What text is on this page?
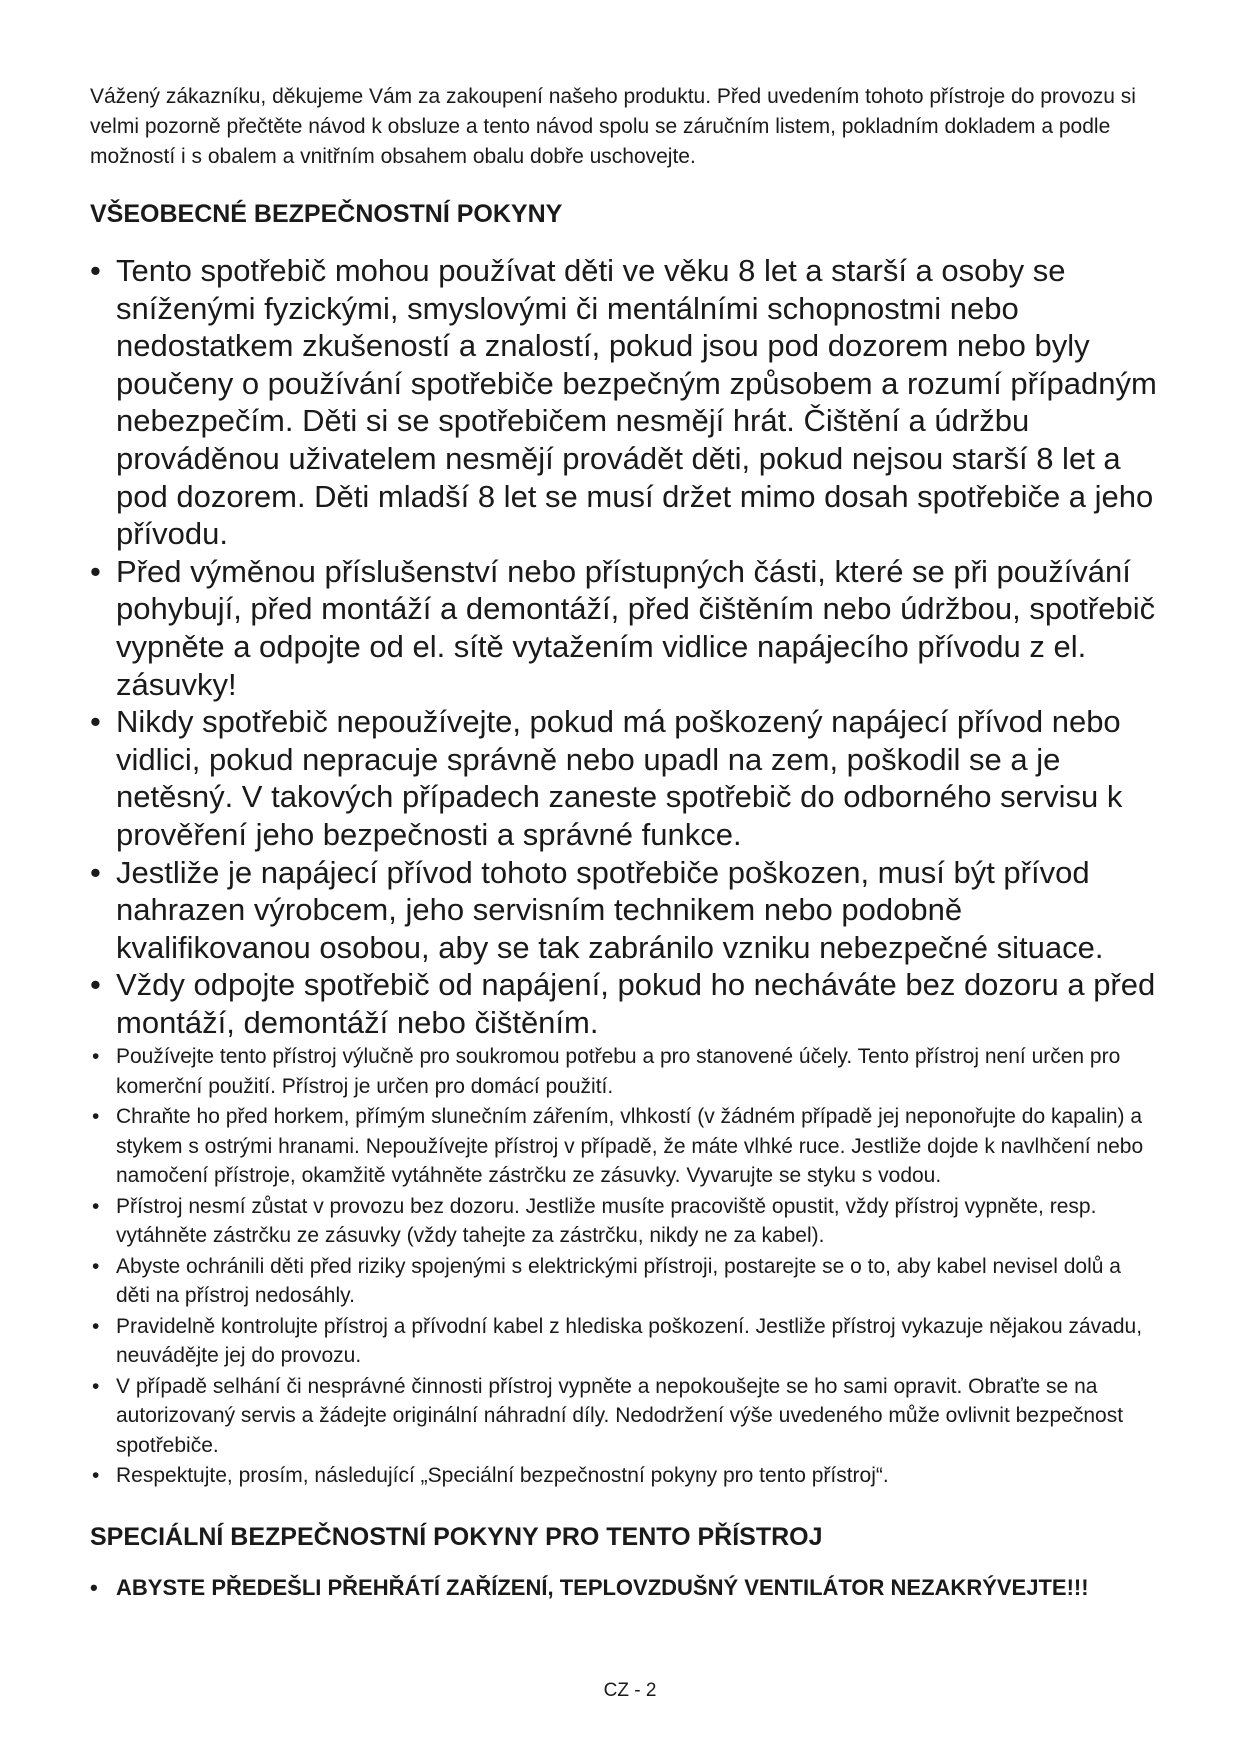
Vážený zákazníku, děkujeme Vám za zakoupení našeho produktu. Před uvedením tohoto přístroje do provozu si velmi pozorně přečtěte návod k obsluze a tento návod spolu se záručním listem, pokladním dokladem a podle možností i s obalem a vnitřním obsahem obalu dobře uschovejte.

VŠEOBECNÉ BEZPEČNOSTNÍ POKYNY
• Tento spotřebič mohou používat děti ve věku 8 let a starší a osoby se sníženými fyzickými, smyslovými či mentálními schopnostmi nebo nedostatkem zkušeností a znalostí, pokud jsou pod dozorem nebo byly poučeny o používání spotřebiče bezpečným způsobem a rozumí případným nebezpečím. Děti si se spotřebičem nesmějí hrát. Čištění a údržbu prováděnou uživatelem nesmějí provádět děti, pokud nejsou starší 8 let a pod dozorem. Děti mladší 8 let se musí držet mimo dosah spotřebiče a jeho přívodu.
• Před výměnou příslušenství nebo přístupných části, které se při používání pohybují, před montáží a demontáží, před čištěním nebo údržbou, spotřebič vypněte a odpojte od el. sítě vytažením vidlice napájecího přívodu z el. zásuvky!
• Nikdy spotřebič nepoužívejte, pokud má poškozený napájecí přívod nebo vidlici, pokud nepracuje správně nebo upadl na zem, poškodil se a je netěsný. V takových případech zaneste spotřebič do odborného servisu k prověření jeho bezpečnosti a správné funkce.
• Jestliže je napájecí přívod tohoto spotřebiče poškozen, musí být přívod nahrazen výrobcem, jeho servisním technikem nebo podobně kvalifikovanou osobou, aby se tak zabránilo vzniku nebezpečné situace.
• Vždy odpojte spotřebič od napájení, pokud ho necháváte bez dozoru a před montáží, demontáží nebo čištěním.
• Používejte tento přístroj výlučně pro soukromou potřebu a pro stanovené účely. Tento přístroj není určen pro komerční použití. Přístroj je určen pro domácí použití.
• Chraňte ho před horkem, přímým slunečním zářením, vlhkostí (v žádném případě jej neponořujte do kapalin) a stykem s ostrými hranami. Nepoužívejte přístroj v případě, že máte vlhké ruce. Jestliže dojde k navlhčení nebo namočení přístroje, okamžitě vytáhněte zástrčku ze zásuvky. Vyvarujte se styku s vodou.
• Přístroj nesmí zůstat v provozu bez dozoru. Jestliže musíte pracoviště opustit, vždy přístroj vypněte, resp. vytáhněte zástrčku ze zásuvky (vždy tahejte za zástrčku, nikdy ne za kabel).
• Abyste ochránili děti před riziky spojenými s elektrickými přístroji, postarejte se o to, aby kabel nevisel dolů a děti na přístroj nedosáhly.
• Pravidelně kontrolujte přístroj a přívodní kabel z hlediska poškození. Jestliže přístroj vykazuje nějakou závadu, neuvádějte jej do provozu.
• V případě selhání či nesprávné činnosti přístroj vypněte a nepokoušejte se ho sami opravit. Obraťte se na autorizovaný servis a žádejte originální náhradní díly. Nedodržení výše uvedeného může ovlivnit bezpečnost spotřebiče.
• Respektujte, prosím, následující „Speciální bezpečnostní pokyny pro tento přístroj“.
SPECIÁLNÍ BEZPEČNOSTNÍ POKYNY PRO TENTO PŘÍSTROJ
• ABYSTE PŘEDEŠLI PŘEHŘÁTÍ ZAŘÍZENÍ, TEPLOVZDUŠNÝ VENTILÁTOR NEZAKRÝVEJTE!!!
CZ - 2
